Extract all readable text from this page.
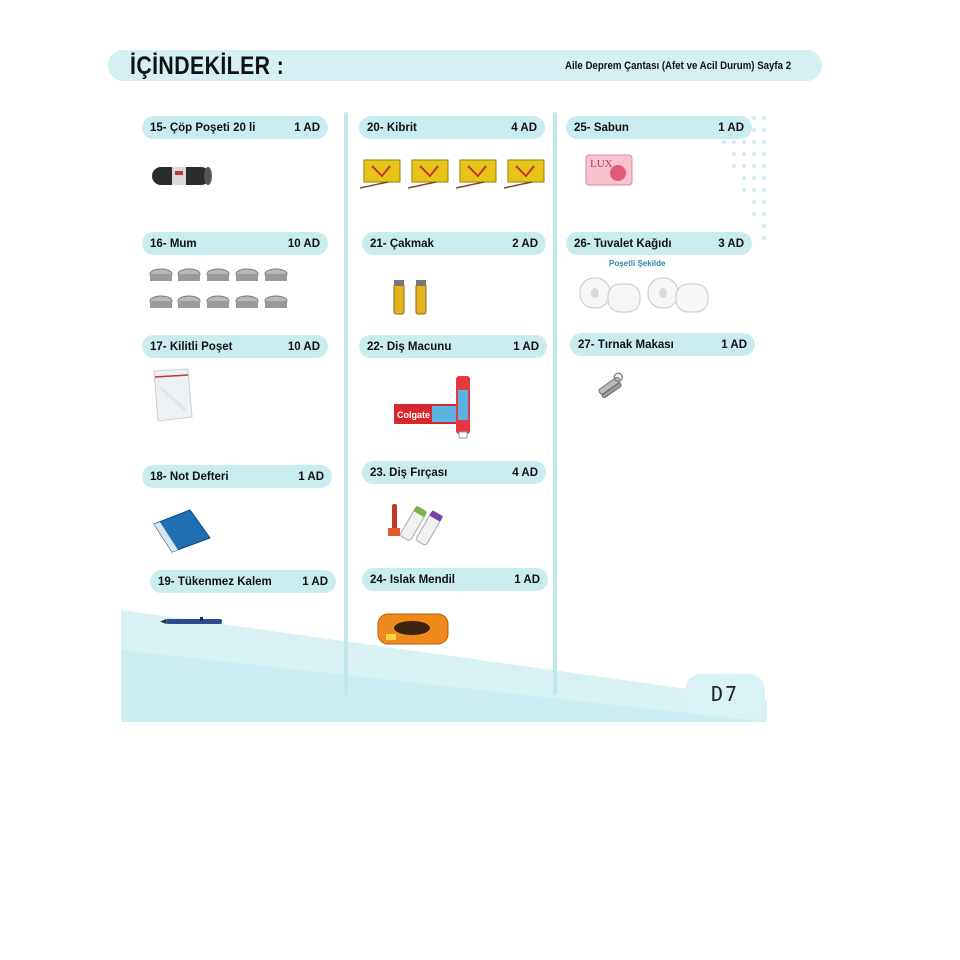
İÇİNDEKİLER :	Aile Deprem Çantası (Afet ve Acil Durum) Sayfa 2
15- Çöp Poşeti 20 li	1 AD
16- Mum	10 AD
17- Kilitli Poşet	10 AD
18- Not Defteri	1 AD
19- Tükenmez Kalem	1 AD
20- Kibrit	4 AD
21- Çakmak	2 AD
22- Diş Macunu	1 AD
Colgate
23. Diş Fırçası	4 AD
24- Islak Mendil	1 AD
25- Sabun	1 AD
LUX
26- Tuvalet Kağıdı	3 AD
Poşetli Şekilde
27- Tırnak Makası	1 AD
D7
